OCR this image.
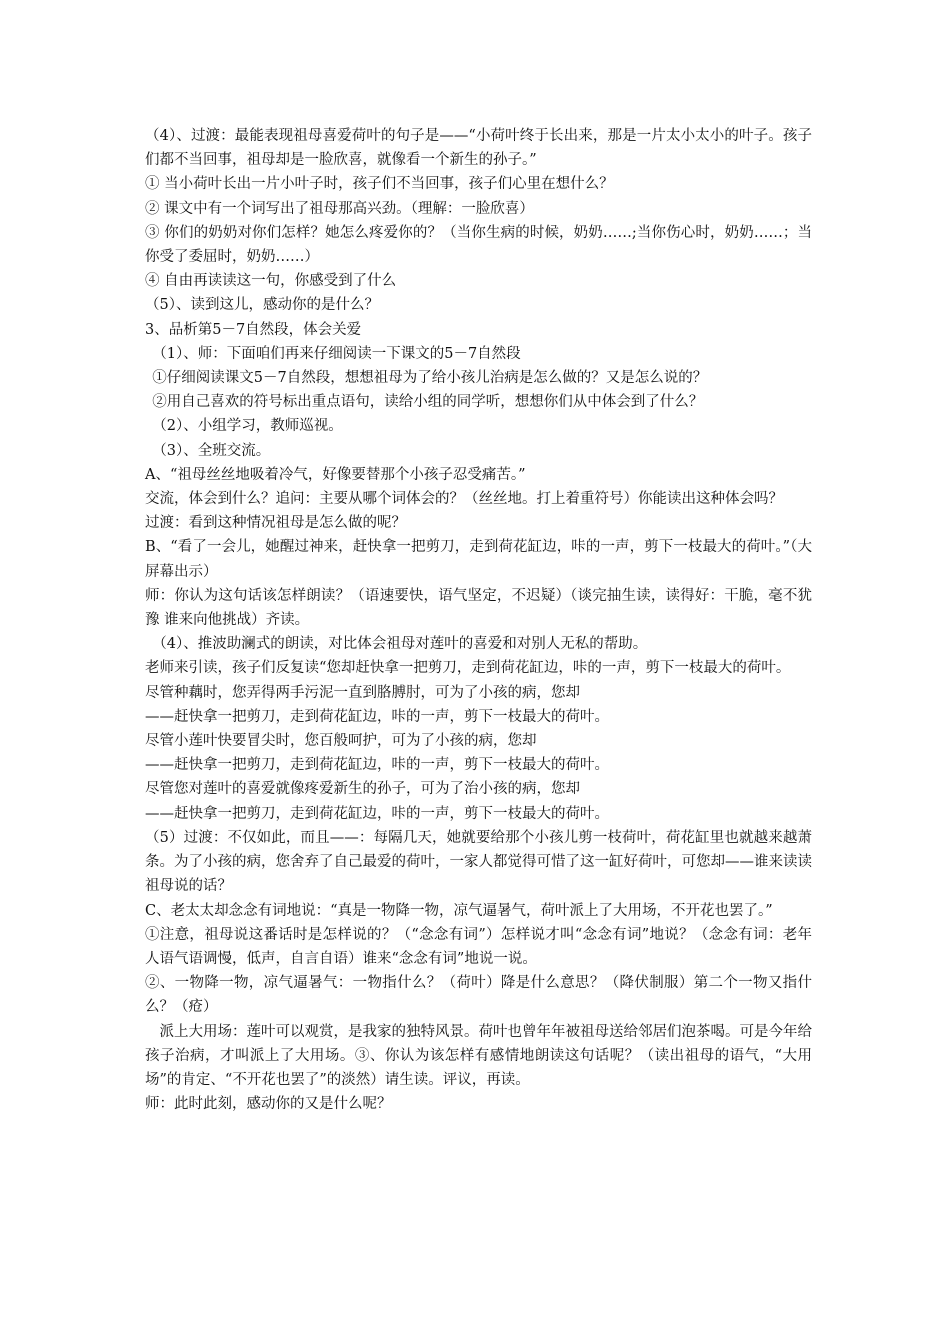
（4）、过渡：最能表现祖母喜爱荷叶的句子是——“小荷叶终于长出来，那是一片太小太小的叶子。孩子们都不当回事，祖母却是一脸欣喜，就像看一个新生的孙子。”

① 当小荷叶长出一片小叶子时，孩子们不当回事，孩子们心里在想什么？

② 课文中有一个词写出了祖母那高兴劲。（理解：一脸欣喜）

③ 你们的奶奶对你们怎样？她怎么疼爱你的？（当你生病的时候，奶奶……;当你伤心时，奶奶……；当你受了委屈时，奶奶……）

④ 自由再读读这一句，你感受到了什么

（5）、读到这儿，感动你的是什么？

3、品析第5－7自然段，体会关爱

（1）、师：下面咱们再来仔细阅读一下课文的5－7自然段

①仔细阅读课文5－7自然段，想想祖母为了给小孩儿治病是怎么做的？又是怎么说的？

②用自己喜欢的符号标出重点语句，读给小组的同学听，想想你们从中体会到了什么？

（2）、小组学习，教师巡视。

（3）、全班交流。

A、“祖母丝丝地吸着冷气，好像要替那个小孩子忍受痛苦。”

交流，体会到什么？追问：主要从哪个词体会的？（丝丝地。打上着重符号）你能读出这种体会吗？

过渡：看到这种情况祖母是怎么做的呢？

B、“看了一会儿，她醒过神来，赶快拿一把剪刀，走到荷花缸边，咔的一声，剪下一枝最大的荷叶。”（大屏幕出示）

师：你认为这句话该怎样朗读？（语速要快，语气坚定，不迟疑）（谈完抽生读，读得好：干脆，毫不犹豫 谁来向他挑战）齐读。

（4）、推波助澜式的朗读，对比体会祖母对莲叶的喜爱和对别人无私的帮助。

老师来引读，孩子们反复读“您却赶快拿一把剪刀，走到荷花缸边，咔的一声，剪下一枝最大的荷叶。

尽管种藕时，您弄得两手污泥一直到胳膊肘，可为了小孩的病，您却

——赶快拿一把剪刀，走到荷花缸边，咔的一声，剪下一枝最大的荷叶。

尽管小莲叶快要冒尖时，您百般呵护，可为了小孩的病，您却

——赶快拿一把剪刀，走到荷花缸边，咔的一声，剪下一枝最大的荷叶。

尽管您对莲叶的喜爱就像疼爱新生的孙子，可为了治小孩的病，您却

——赶快拿一把剪刀，走到荷花缸边，咔的一声，剪下一枝最大的荷叶。

（5）过渡：不仅如此，而且——：每隔几天，她就要给那个小孩儿剪一枝荷叶，荷花缸里也就越来越萧条。为了小孩的病，您舍弃了自己最爱的荷叶，一家人都觉得可惜了这一缸好荷叶，可您却——谁来读读祖母说的话？

C、老太太却念念有词地说：“真是一物降一物，凉气逼暑气，荷叶派上了大用场，不开花也罢了。”

①注意，祖母说这番话时是怎样说的？（“念念有词”）怎样说才叫“念念有词”地说？（念念有词：老年人语气语调慢，低声，自言自语）谁来“念念有词”地说一说。

②、一物降一物，凉气逼暑气：一物指什么？（荷叶）降是什么意思？（降伏制服）第二个一物又指什么？（疮）

派上大用场：莲叶可以观赏，是我家的独特风景。荷叶也曾年年被祖母送给邻居们泡茶喝。可是今年给孩子治病，才叫派上了大用场。③、你认为该怎样有感情地朗读这句话呢？（读出祖母的语气，“大用场”的肯定、“不开花也罢了”的淡然）请生读。评议，再读。

师：此时此刻，感动你的又是什么呢？
